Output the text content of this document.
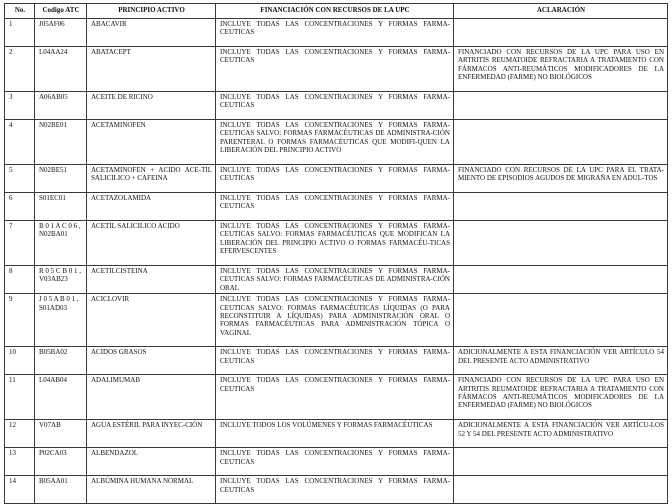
No.	Codigo ATC	PRINCIPIO ACTIVO	FINANCIACIÓN CON RECURSOS DE LA UPC	ACLARACIÓN
1	J05AF06	ABACAVIR	INCLUYE TODAS LAS CONCENTRACIONES Y FORMAS FARMA-CEUTICAS	
2	L04AA24	ABATACEPT	INCLUYE TODAS LAS CONCENTRACIONES Y FORMAS FARMA-CEUTICAS	FINANCIADO CON RECURSOS DE LA UPC PARA USO EN ARTRITIS REUMATOIDE REFRACTARIA A TRATAMIENTO CON FÁRMACOS ANTI-REUMÁTICOS MODIFICADORES DE LA ENFERMEDAD (FARME) NO BIOLÓGICOS
3	A06AB05	ACEITE DE RICINO	INCLUYE TODAS LAS CONCENTRACIONES Y FORMAS FARMA-CEUTICAS	
4	N02BE01	ACETAMINOFEN	INCLUYE TODAS LAS CONCENTRACIONES Y FORMAS FARMA-CEUTICAS SALVO: FORMAS FARMACÉUTICAS DE ADMINISTRA-CIÓN PARENTERAL O FORMAS FARMACÉUTICAS QUE MODIFI-QUEN LA LIBERACIÓN DEL PRINCIPIO ACTIVO	
5	N02BE51	ACETAMINOFEN + ACIDO ACE-TIL SALICILICO + CAFEINA	INCLUYE TODAS LAS CONCENTRACIONES Y FORMAS FARMA-CEUTICAS	FINANCIADO CON RECURSOS DE LA UPC PARA EL TRATA-MIENTO DE EPISODIOS AGUDOS DE MIGRAÑA EN ADUL-TOS
6	S01EC01	ACETAZOLAMIDA	INCLUYE TODAS LAS CONCENTRACIONES Y FORMAS FARMA-CEUTICAS	
7	B 0 1 A C 0 6 , N02BA01	ACETIL SALICILICO ACIDO	INCLUYE TODAS LAS CONCENTRACIONES Y FORMAS FARMA-CEUTICAS SALVO: FORMAS FARMACÉUTICAS QUE MODIFICAN LA LIBERACIÓN DEL PRINCIPIO ACTIVO O FORMAS FARMACÉU-TICAS EFERVESCENTES	
8	R 0 5 C B 0 1 , V03AB23	ACETILCISTEINA	INCLUYE TODAS LAS CONCENTRACIONES Y FORMAS FARMA-CEUTICAS SALVO: FORMAS FARMACÉUTICAS DE ADMINISTRA-CIÓN ORAL	
9	J 0 5 A B 0 1 , S01AD03	ACICLOVIR	INCLUYE TODAS LAS CONCENTRACIONES Y FORMAS FARMA-CEUTICAS SALVO: FORMAS FARMACÉUTICAS LÍQUIDAS (O PARA RECONSTITUIR A LÍQUIDAS) PARA ADMINISTRACIÓN ORAL O FORMAS FARMACÉUTICAS PARA ADMINISTRACIÓN TÓPICA O VAGINAL	
10	B05BA02	ACIDOS GRASOS	INCLUYE TODAS LAS CONCENTRACIONES Y FORMAS FARMA-CEUTICAS	ADICIONALMENTE A ESTA FINANCIACIÓN VER ARTÍCULO 54 DEL PRESENTE ACTO ADMINISTRATIVO
11	L04AB04	ADALIMUMAB	INCLUYE TODAS LAS CONCENTRACIONES Y FORMAS FARMA-CEUTICAS	FINANCIADO CON RECURSOS DE LA UPC PARA USO EN ARTRITIS REUMATOIDE REFRACTARIA A TRATAMIENTO CON FÁRMACOS ANTI-REUMÁTICOS MODIFICADORES DE LA ENFERMEDAD (FARME) NO BIOLÓGICOS
12	V07AB	AGUA ESTÉRIL PARA INYEC-CIÓN	INCLUYE TODOS LOS VOLÚMENES Y FORMAS FARMACÉUTICAS	ADICIONALMENTE A ESTA FINANCIACIÓN VER ARTÍCU-LOS 52 Y 54 DEL PRESENTE ACTO ADMINISTRATIVO
13	P02CA03	ALBENDAZOL	INCLUYE TODAS LAS CONCENTRACIONES Y FORMAS FARMA-CEUTICAS	
14	B05AA01	ALBÚMINA HUMANA NORMAL	INCLUYE TODAS LAS CONCENTRACIONES Y FORMAS FARMA-CEUTICAS	
